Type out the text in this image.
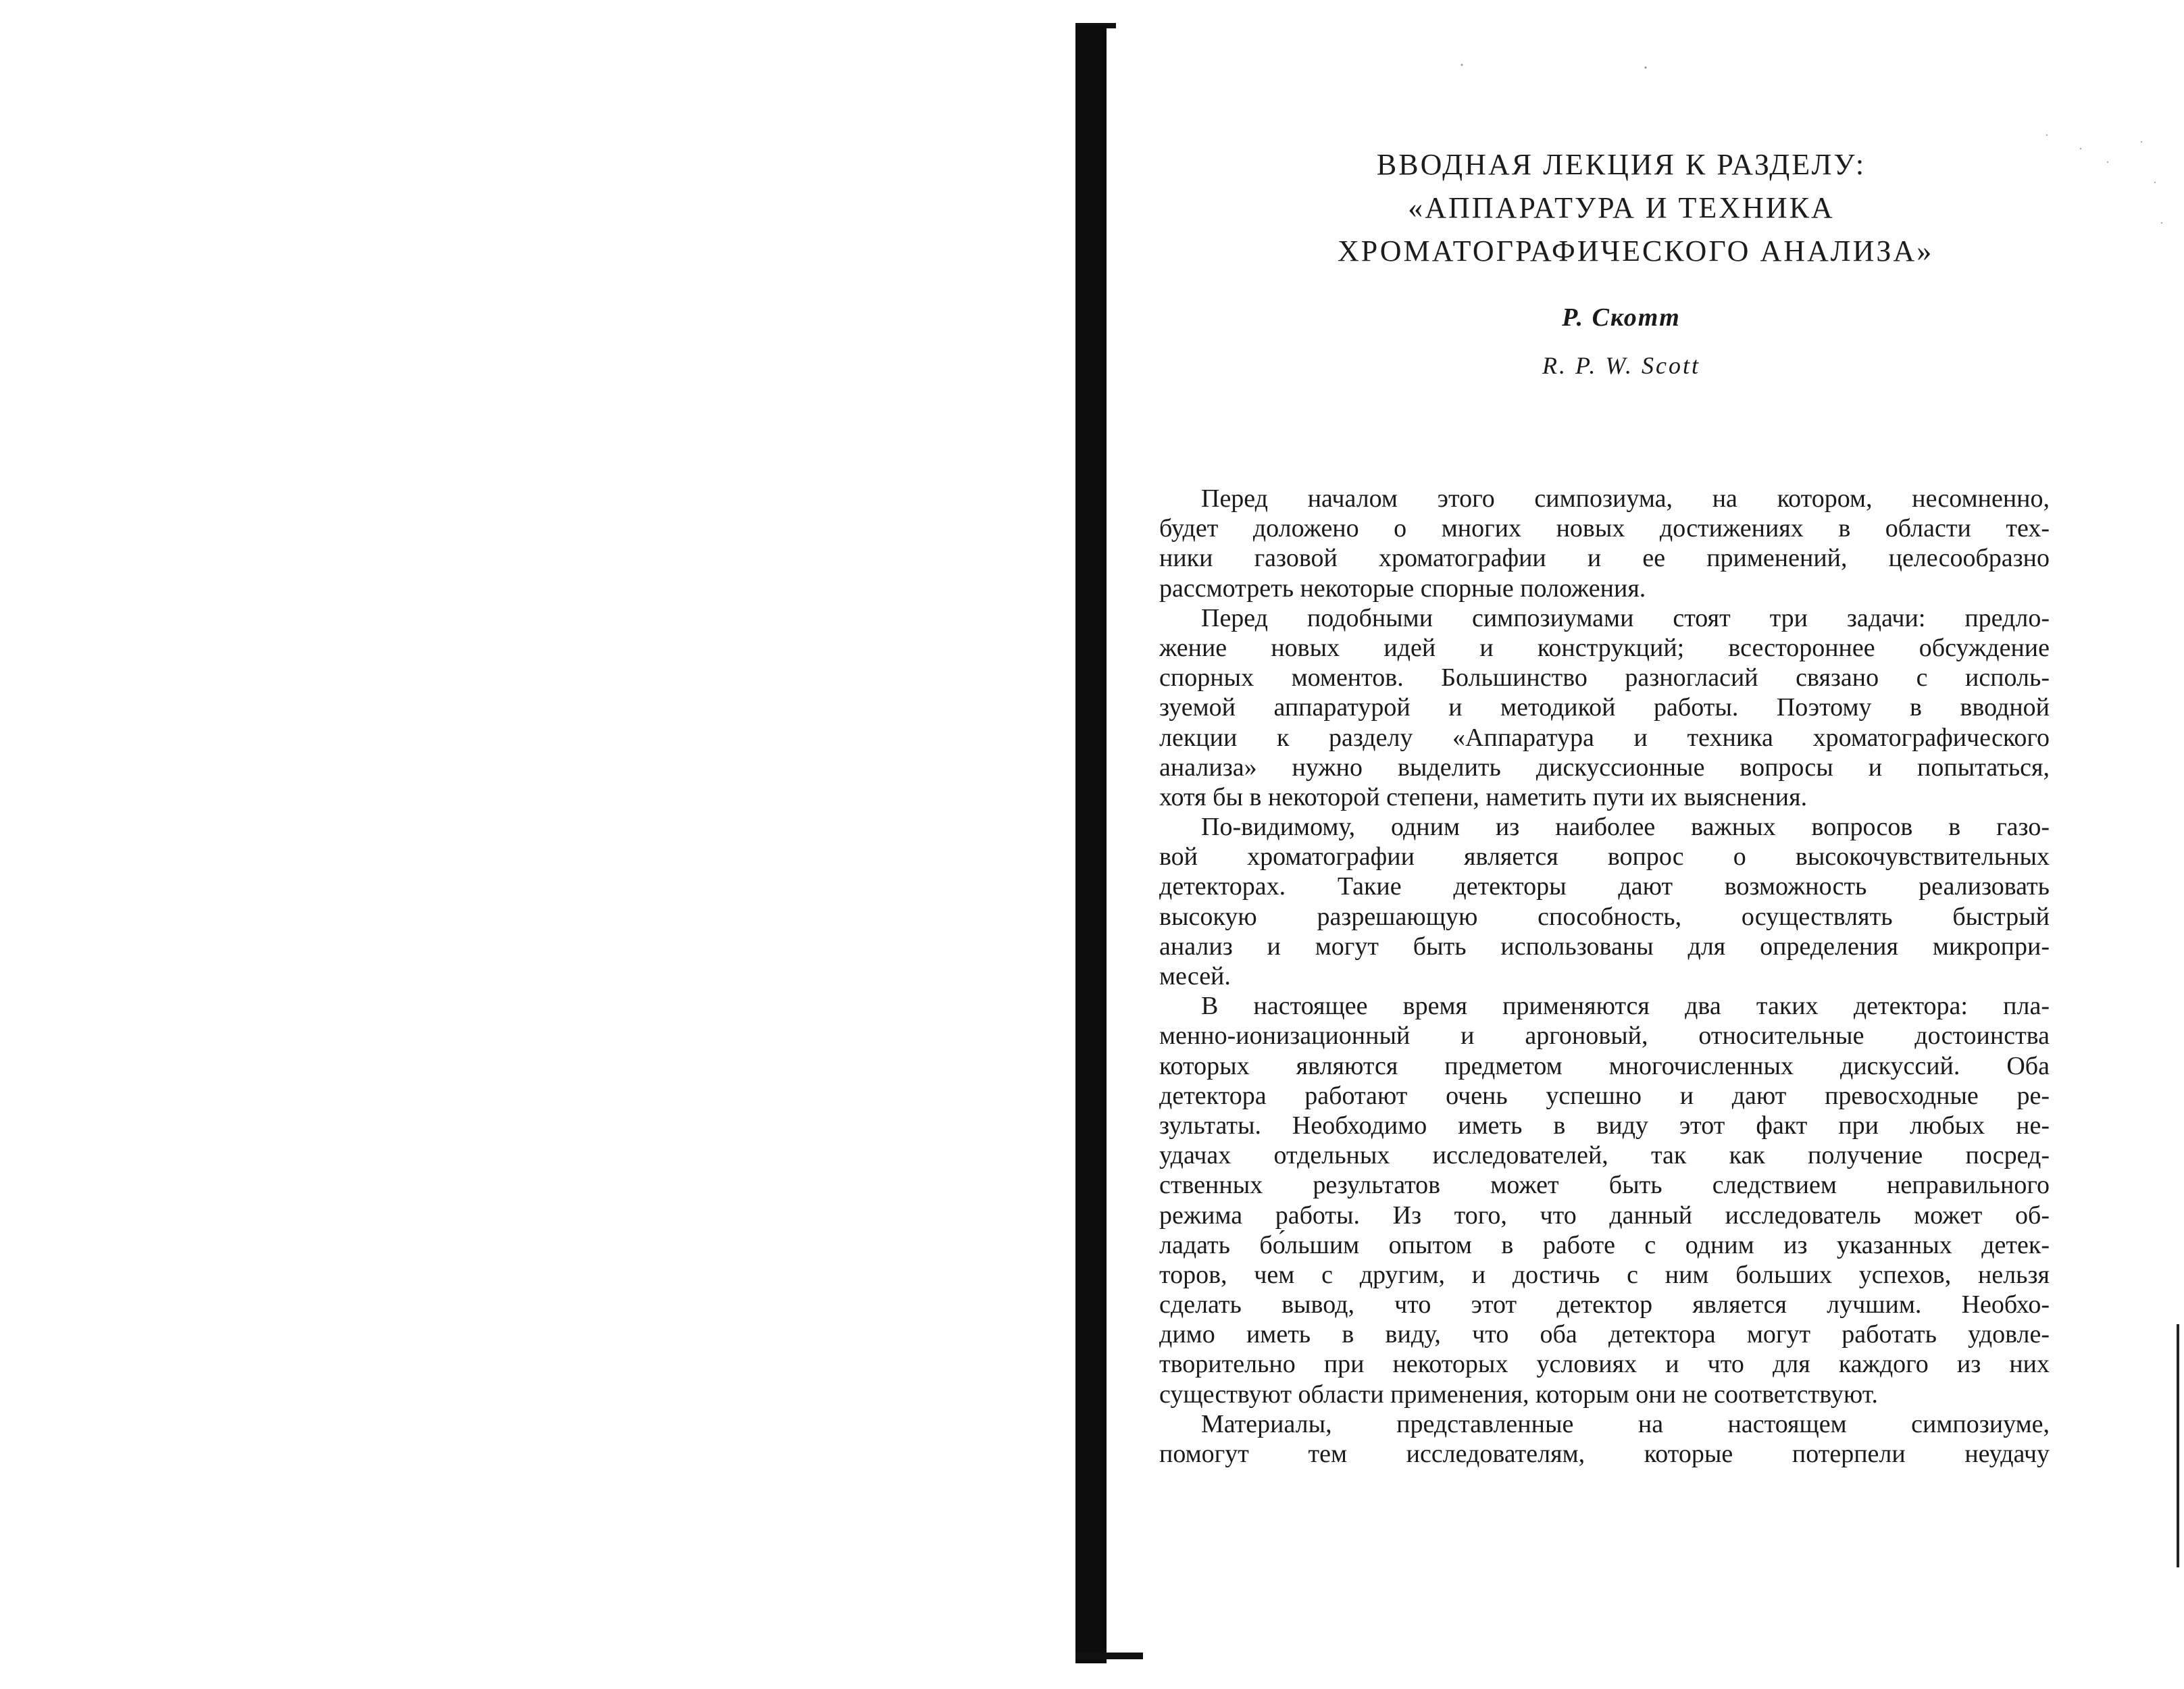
ВВОДНАЯ ЛЕКЦИЯ К РАЗДЕЛУ:
«АППАРАТУРА И ТЕХНИКА
ХРОМАТОГРАФИЧЕСКОГО АНАЛИЗА»
Р. Скотт
R. P. W. Scott
Перед началом этого симпозиума, на котором, несомненно,
будет доложено о многих новых достижениях в области тех-
ники газовой хроматографии и ее применений, целесообразно
рассмотреть некоторые спорные положения.
Перед подобными симпозиумами стоят три задачи: предло-
жение новых идей и конструкций; всестороннее обсуждение
спорных моментов. Большинство разногласий связано с исполь-
зуемой аппаратурой и методикой работы. Поэтому в вводной
лекции к разделу «Аппаратура и техника хроматографического
анализа» нужно выделить дискуссионные вопросы и попытаться,
хотя бы в некоторой степени, наметить пути их выяснения.
По-видимому, одним из наиболее важных вопросов в газо-
вой хроматографии является вопрос о высокочувствительных
детекторах. Такие детекторы дают возможность реализовать
высокую разрешающую способность, осуществлять быстрый
анализ и могут быть использованы для определения микропри-
месей.
В настоящее время применяются два таких детектора: пла-
менно-ионизационный и аргоновый, относительные достоинства
которых являются предметом многочисленных дискуссий. Оба
детектора работают очень успешно и дают превосходные ре-
зультаты. Необходимо иметь в виду этот факт при любых не-
удачах отдельных исследователей, так как получение посред-
ственных результатов может быть следствием неправильного
режима работы. Из того, что данный исследователь может об-
ладать бо́льшим опытом в работе с одним из указанных детек-
торов, чем с другим, и достичь с ним больших успехов, нельзя
сделать вывод, что этот детектор является лучшим. Необхо-
димо иметь в виду, что оба детектора могут работать удовле-
творительно при некоторых условиях и что для каждого из них
существуют области применения, которым они не соответствуют.
Материалы, представленные на настоящем симпозиуме,
помогут тем исследователям, которые потерпели неудачу
